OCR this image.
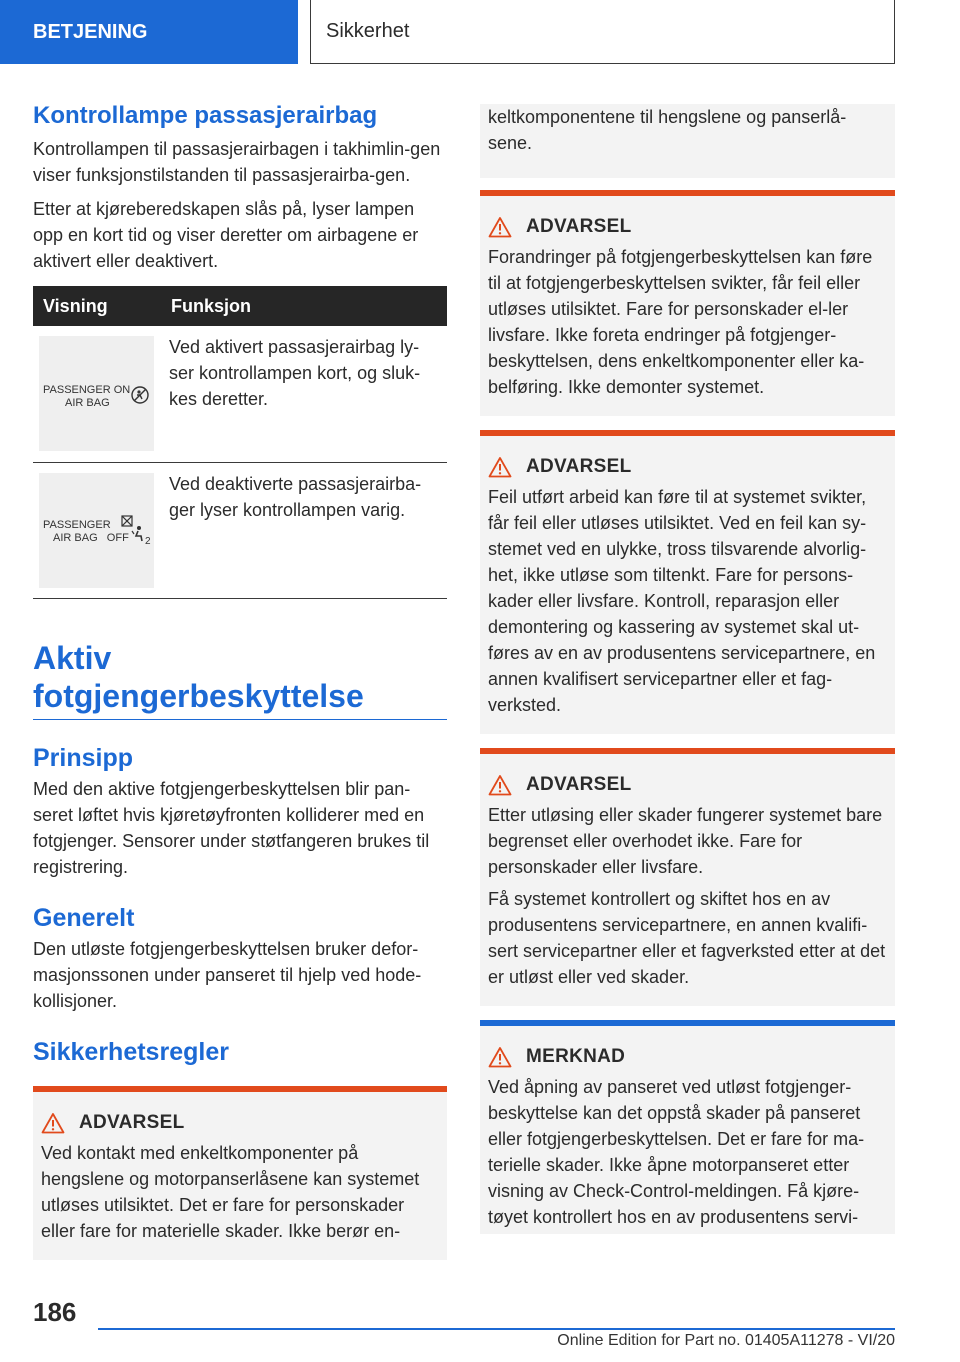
BETJENING	Sikkerhet
Kontrollampe passasjerairbag

Kontrollampen til passasjerairbagen i takhimlin-gen viser funksjonstilstanden til passasjerairba-gen.

Etter at kjøreberedskapen slås på, lyser lampen opp en kort tid og viser deretter om airbagene er aktivert eller deaktivert.

Visning	Funksjon

PASSENGER ON
AIR BAG	Ved aktivert passasjerairbag ly-ser kontrollampen kort, og sluk-kes deretter.

PASSENGER
AIR BAG   OFF 2	Ved deaktiverte passasjerairba-ger lyser kontrollampen varig.

Aktiv fotgjengerbeskyttelse
Prinsipp

Med den aktive fotgjengerbeskyttelsen blir pan-seret løftet hvis kjøretøyfronten kolliderer med en fotgjenger. Sensorer under støtfangeren brukes til registrering.

Generelt

Den utløste fotgjengerbeskyttelsen bruker defor-masjonssonen under panseret til hjelp ved hode-kollisjoner.

Sikkerhetsregler
ADVARSEL

Ved kontakt med enkeltkomponenter på hengslene og motorpanserlåsene kan systemet utløses utilsiktet. Det er fare for personskader eller fare for materielle skader. Ikke berør en-

keltkomponentene til hengslene og panserlå-sene.

ADVARSEL

Forandringer på fotgjengerbeskyttelsen kan føre til at fotgjengerbeskyttelsen svikter, får feil eller utløses utilsiktet. Fare for personskader el-ler livsfare. Ikke foreta endringer på fotgjenger-beskyttelsen, dens enkeltkomponenter eller ka-belføring. Ikke demonter systemet.

ADVARSEL

Feil utført arbeid kan føre til at systemet svikter, får feil eller utløses utilsiktet. Ved en feil kan sy-stemet ved en ulykke, tross tilsvarende alvorlig-het, ikke utløse som tiltenkt. Fare for persons-kader eller livsfare. Kontroll, reparasjon eller demontering og kassering av systemet skal ut-føres av en av produsentens servicepartnere, en annen kvalifisert servicepartner eller et fag-verksted.

ADVARSEL

Etter utløsing eller skader fungerer systemet bare begrenset eller overhodet ikke. Fare for personskader eller livsfare.

Få systemet kontrollert og skiftet hos en av produsentens servicepartnere, en annen kvalifi-sert servicepartner eller et fagverksted etter at det er utløst eller ved skader.

MERKNAD

Ved åpning av panseret ved utløst fotgjenger-beskyttelse kan det oppstå skader på panseret eller fotgjengerbeskyttelsen. Det er fare for ma-terielle skader. Ikke åpne motorpanseret etter visning av Check-Control-meldingen. Få kjøre-tøyet kontrollert hos en av produsentens servi-

186
Online Edition for Part no. 01405A11278 - VI/20
